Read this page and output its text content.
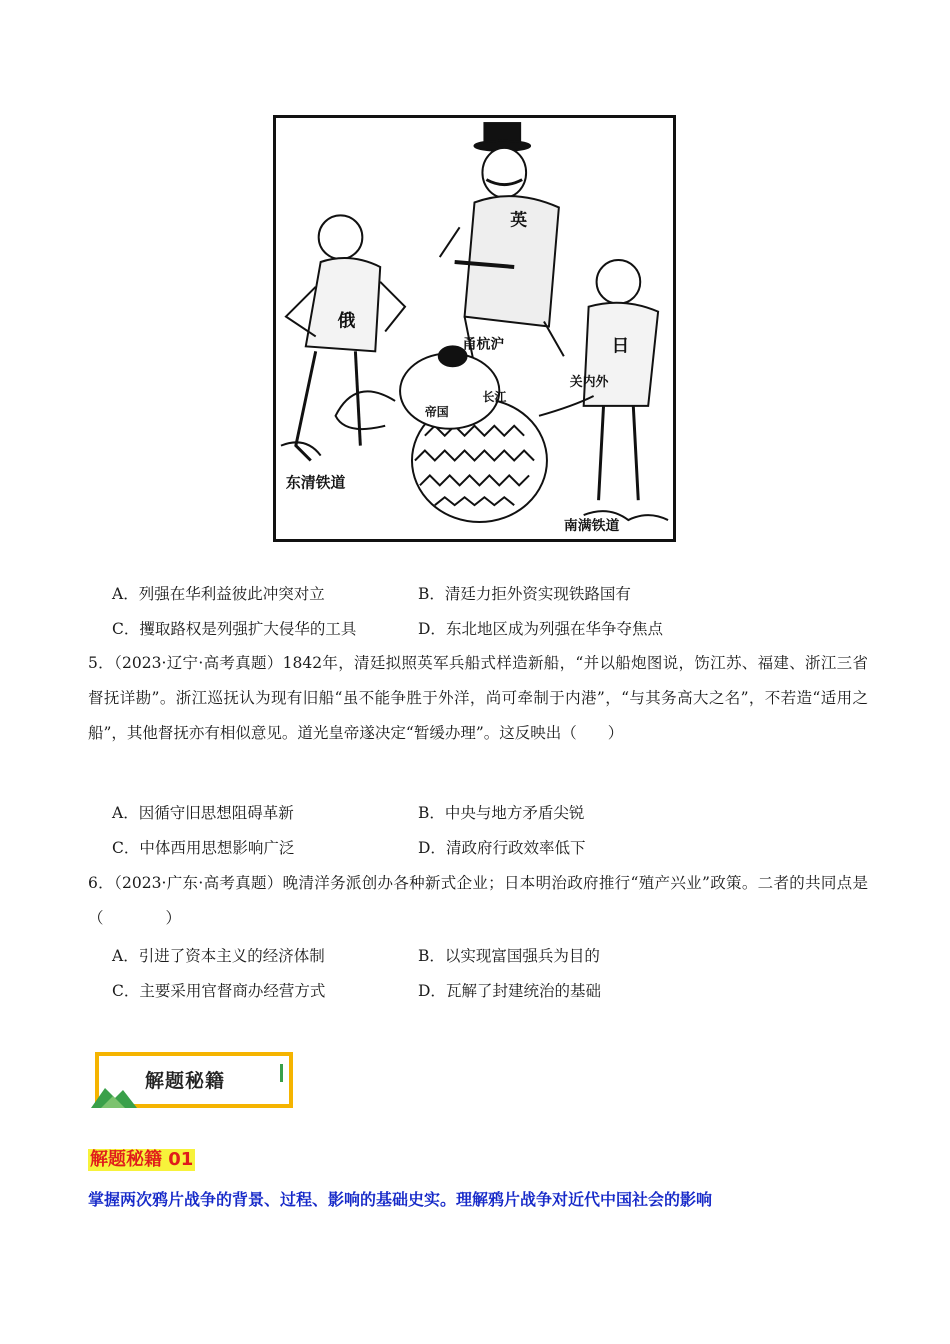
英
俄
日
甬杭沪
长江
帝国
关内外
东清铁道
南满铁道
A．列强在华利益彼此冲突对立	B．清廷力拒外资实现铁路国有
C．攫取路权是列强扩大侵华的工具	D．东北地区成为列强在华争夺焦点
5．（2023·辽宁·高考真题）1842年，清廷拟照英军兵船式样造新船，“并以船炮图说，饬江苏、福建、浙江三省督抚详勘”。浙江巡抚认为现有旧船“虽不能争胜于外洋，尚可牵制于内港”，“与其务高大之名”，不若造“适用之船”，其他督抚亦有相似意见。道光皇帝遂决定“暂缓办理”。这反映出（　　）
A．因循守旧思想阻碍革新	B．中央与地方矛盾尖锐
C．中体西用思想影响广泛	D．清政府行政效率低下
6．（2023·广东·高考真题）晚清洋务派创办各种新式企业；日本明治政府推行“殖产兴业”政策。二者的共同点是（　　　　）
A．引进了资本主义的经济体制	B．以实现富国强兵为目的
C．主要采用官督商办经营方式	D．瓦解了封建统治的基础
解题秘籍
解题秘籍 01
掌握两次鸦片战争的背景、过程、影响的基础史实。理解鸦片战争对近代中国社会的影响
